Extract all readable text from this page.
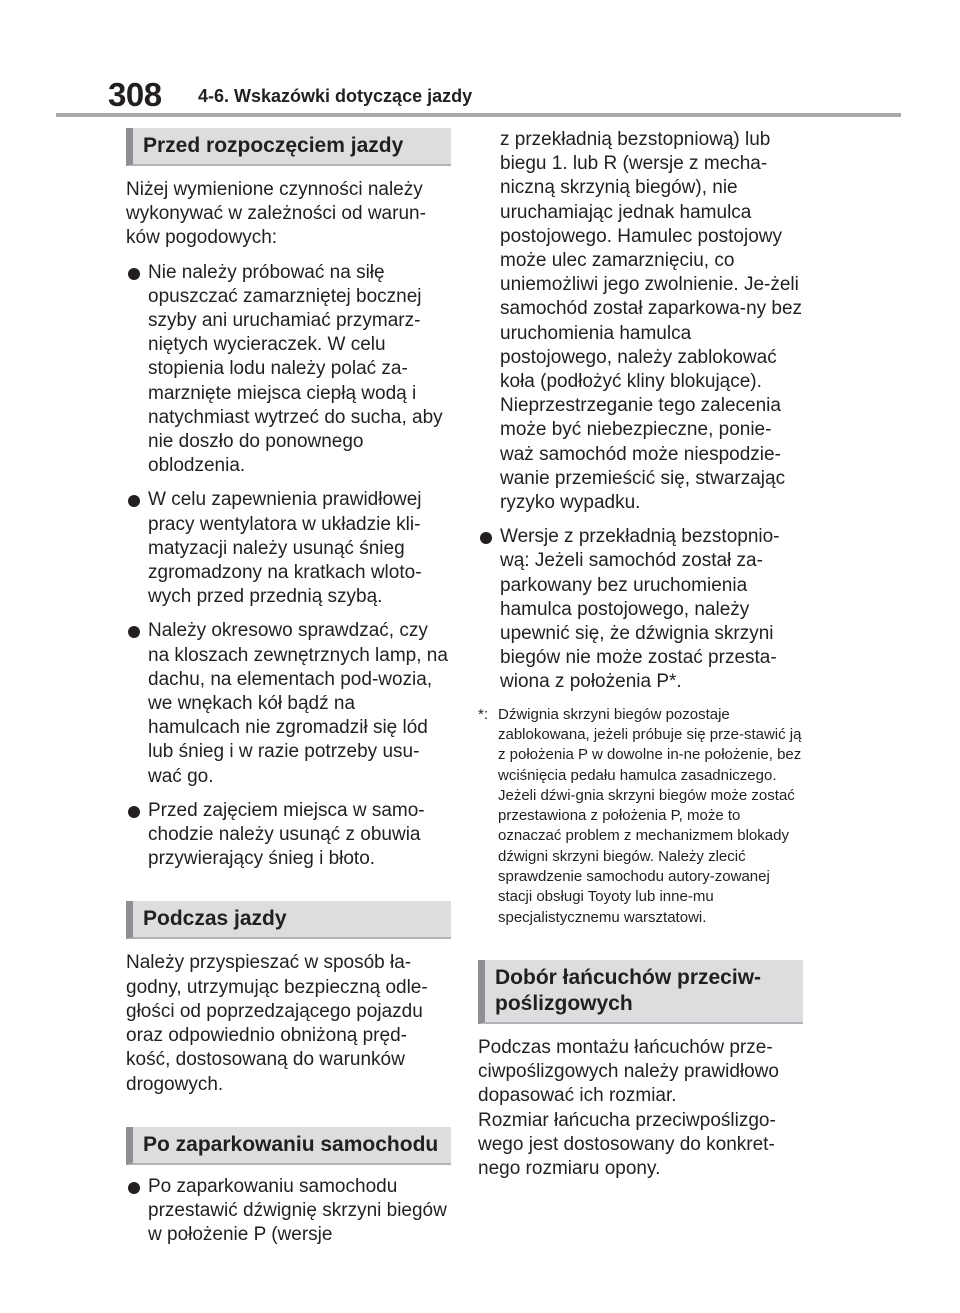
308 4-6. Wskazówki dotyczące jazdy
Przed rozpoczęciem jazdy

Niżej wymienione czynności należy wykonywać w zależności od warun-ków pogodowych:

Nie należy próbować na siłę opuszczać zamarzniętej bocznej szyby ani uruchamiać przymarz-niętych wycieraczek. W celu stopienia lodu należy polać za-marznięte miejsca ciepłą wodą i natychmiast wytrzeć do sucha, aby nie doszło do ponownego oblodzenia.
W celu zapewnienia prawidłowej pracy wentylatora w układzie kli-matyzacji należy usunąć śnieg zgromadzony na kratkach wloto-wych przed przednią szybą.
Należy okresowo sprawdzać, czy na kloszach zewnętrznych lamp, na dachu, na elementach pod-wozia, we wnękach kół bądź na hamulcach nie zgromadził się lód lub śnieg i w razie potrzeby usu-wać go.
Przed zajęciem miejsca w samo-chodzie należy usunąć z obuwia przywierający śnieg i błoto.
Podczas jazdy

Należy przyspieszać w sposób ła-godny, utrzymując bezpieczną odle-głości od poprzedzającego pojazdu oraz odpowiednio obniżoną pręd-kość, dostosowaną do warunków drogowych.

Po zaparkowaniu samochodu
Po zaparkowaniu samochodu przestawić dźwignię skrzyni biegów w położenie P (wersje
z przekładnią bezstopniową) lub biegu 1. lub R (wersje z mecha-niczną skrzynią biegów), nie uruchamiając jednak hamulca postojowego. Hamulec postojowy może ulec zamarznięciu, co uniemożliwi jego zwolnienie. Je-żeli samochód został zaparkowa-ny bez uruchomienia hamulca postojowego, należy zablokować koła (podłożyć kliny blokujące). Nieprzestrzeganie tego zalecenia może być niebezpieczne, ponie-waż samochód może niespodzie-wanie przemieścić się, stwarzając ryzyko wypadku.
Wersje z przekładnią bezstopnio-wą: Jeżeli samochód został za-parkowany bez uruchomienia hamulca postojowego, należy upewnić się, że dźwignia skrzyni biegów nie może zostać przesta-wiona z położenia P*.
*: Dźwignia skrzyni biegów pozostaje zablokowana, jeżeli próbuje się prze-stawić ją z położenia P w dowolne in-ne położenie, bez wciśnięcia pedału hamulca zasadniczego. Jeżeli dźwi-gnia skrzyni biegów może zostać przestawiona z położenia P, może to oznaczać problem z mechanizmem blokady dźwigni skrzyni biegów. Należy zlecić sprawdzenie samochodu autory-zowanej stacji obsługi Toyoty lub inne-mu specjalistycznemu warsztatowi.
Dobór łańcuchów przeciw-poślizgowych

Podczas montażu łańcuchów prze-ciwpoślizgowych należy prawidłowo dopasować ich rozmiar.

Rozmiar łańcucha przeciwpoślizgo-wego jest dostosowany do konkret-nego rozmiaru opony.
